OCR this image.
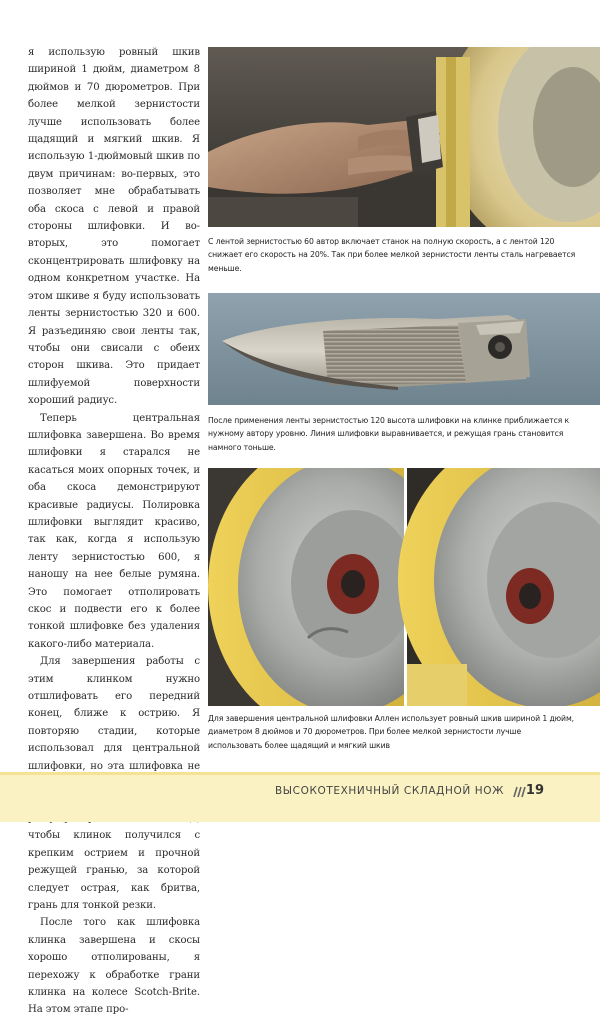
я использую ровный шкив шириной 1 дюйм, диаметром 8 дюймов и 70 дюрометров. При более мелкой зернистости лучше использовать более щадящий и мягкий шкив. Я использую 1-дюймовый шкив по двум причинам: во-первых, это позволяет мне обрабатывать оба скоса с левой и правой стороны шлифовки. И во-вторых, это помогает сконцентрировать шлифовку на одном конкретном участке. На этом шкиве я буду использовать ленты зернистостью 320 и 600. Я разъединяю свои ленты так, чтобы они свисали с обеих сторон шкива. Это придает шлифуемой поверхности хороший радиус.

Теперь центральная шлифовка завершена. Во время шлифовки я старался не касаться моих опорных точек, и оба скоса демонстрируют красивые радиусы. Полировка шлифовки выглядит красиво, так как, когда я использую ленту зернистостью 600, я наношу на нее белые румяна. Это помогает отполировать скос и подвести его к более тонкой шлифовке без удаления какого-либо материала.

Для завершения работы с этим клинком нужно отшлифовать его передний конец, ближе к острию. Я повторяю стадии, которые использовал для центральной шлифовки, но эта шлифовка не чтобы клинок получился с крепким острием и прочной режущей гранью, за которой следует острая, как бритва, грань для тонкой резки.

После того как шлифовка клинка завершена и скосы хорошо отполированы, я перехожу к обработке грани клинка на колесе Scotch-Brite. На этом этапе про-

С лентой зернистостью 60 автор включает станок на полную скорость, а с лентой 120 снижает его скорость на 20%. Так при более мелкой зернистости ленты сталь нагревается меньше.

После применения ленты зернистостью 120 высота шлифовки на клинке приближается к нужному автору уровню. Линия шлифовки выравнивается, и режущая грань становится намного тоньше.

Для завершения центральной шлифовки Аллен использует ровный шкив шириной 1 дюйм, диаметром 8 дюймов и 70 дюрометров. При более мелкой зернистости лучше использовать более щадящий и мягкий шкив

ВЫСОКОТЕХНИЧНЫЙ СКЛАДНОЙ НОЖ 19
